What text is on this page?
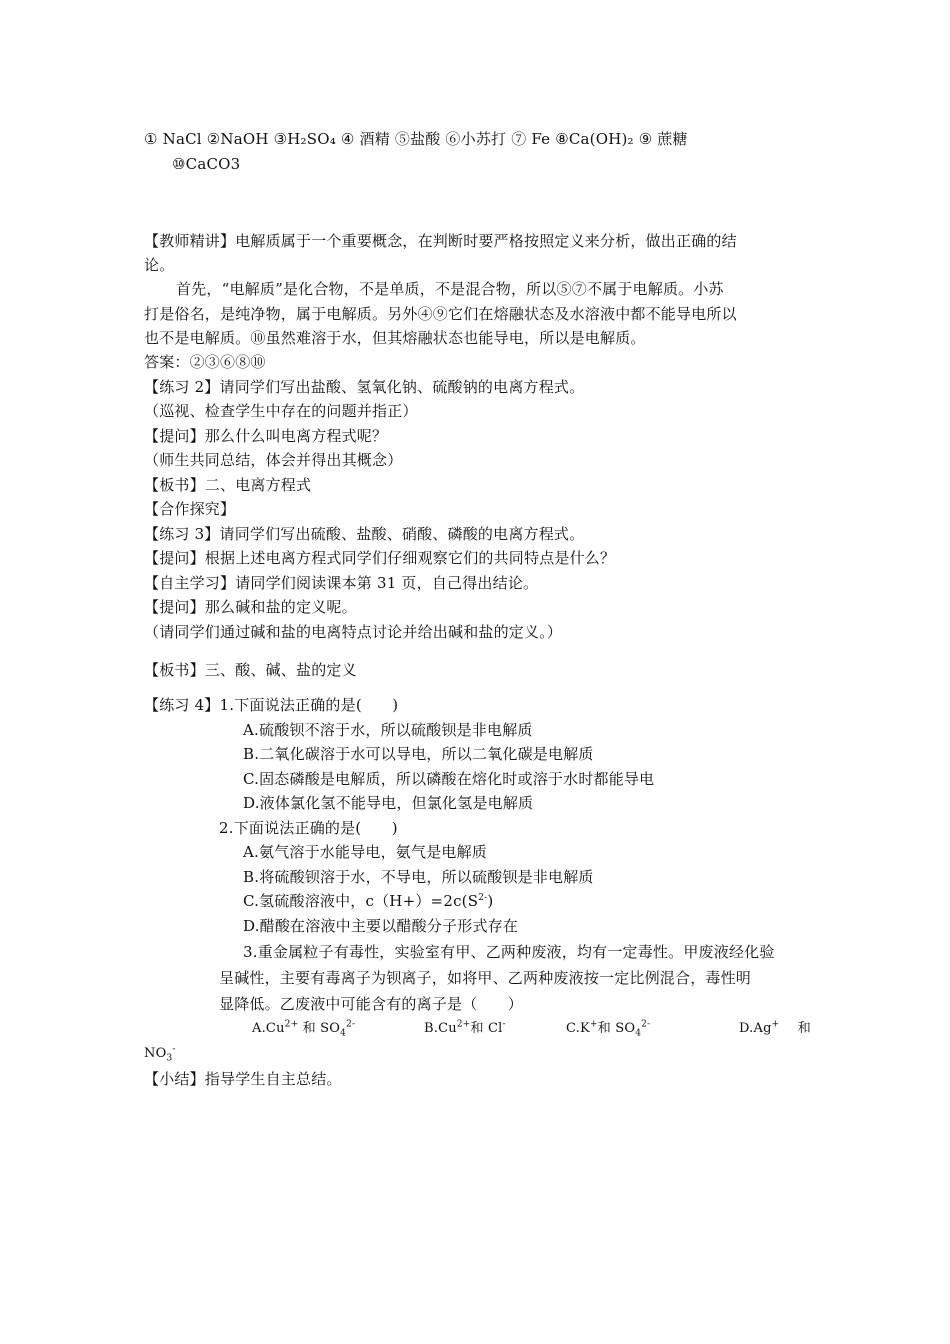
① NaCl ②NaOH ③H₂SO₄ ④ 酒精 ⑤盐酸 ⑥小苏打 ⑦ Fe ⑧Ca(OH)₂ ⑨ 蔗糖
⑩CaCO3
【教师精讲】电解质属于一个重要概念，在判断时要严格按照定义来分析，做出正确的结
论。
首先，“电解质”是化合物，不是单质，不是混合物，所以⑤⑦不属于电解质。小苏
打是俗名，是纯净物，属于电解质。另外④⑨它们在熔融状态及水溶液中都不能导电所以
也不是电解质。⑩虽然难溶于水，但其熔融状态也能导电，所以是电解质。
答案：②③⑥⑧⑩
【练习 2】请同学们写出盐酸、氢氧化钠、硫酸钠的电离方程式。
（巡视、检查学生中存在的问题并指正）
【提问】那么什么叫电离方程式呢？
（师生共同总结，体会并得出其概念）
【板书】二、电离方程式
【合作探究】
【练习 3】请同学们写出硫酸、盐酸、硝酸、磷酸的电离方程式。
【提问】根据上述电离方程式同学们仔细观察它们的共同特点是什么？
【自主学习】请同学们阅读课本第 31 页，自己得出结论。
【提问】那么碱和盐的定义呢。
（请同学们通过碱和盐的电离特点讨论并给出碱和盐的定义。）
【板书】三、酸、碱、盐的定义
【练习 4】1.下面说法正确的是(　　)
A.硫酸钡不溶于水，所以硫酸钡是非电解质
B.二氧化碳溶于水可以导电，所以二氧化碳是电解质
C.固态磷酸是电解质，所以磷酸在熔化时或溶于水时都能导电
D.液体氯化氢不能导电，但氯化氢是电解质
2.下面说法正确的是(　　)
A.氨气溶于水能导电，氨气是电解质
B.将硫酸钡溶于水，不导电，所以硫酸钡是非电解质
C.氢硫酸溶液中，$c(H+)=2c(S^{2-})$
D.醋酸在溶液中主要以醋酸分子形式存在
3.重金属粒子有毒性，实验室有甲、乙两种废液，均有一定毒性。甲废液经化验
呈碱性，主要有毒离子为钡离子，如将甲、乙两种废液按一定比例混合，毒性明
显降低。乙废液中可能含有的离子是（　　）
$A.Cu^{2+}$ 和 $SO_4^{2-}$	$B.Cu^{2+}$和 Cl-	C.K+和 $SO_4^{2-}$	D.Ag+ 和
$NO_3^-$
【小结】指导学生自主总结。
